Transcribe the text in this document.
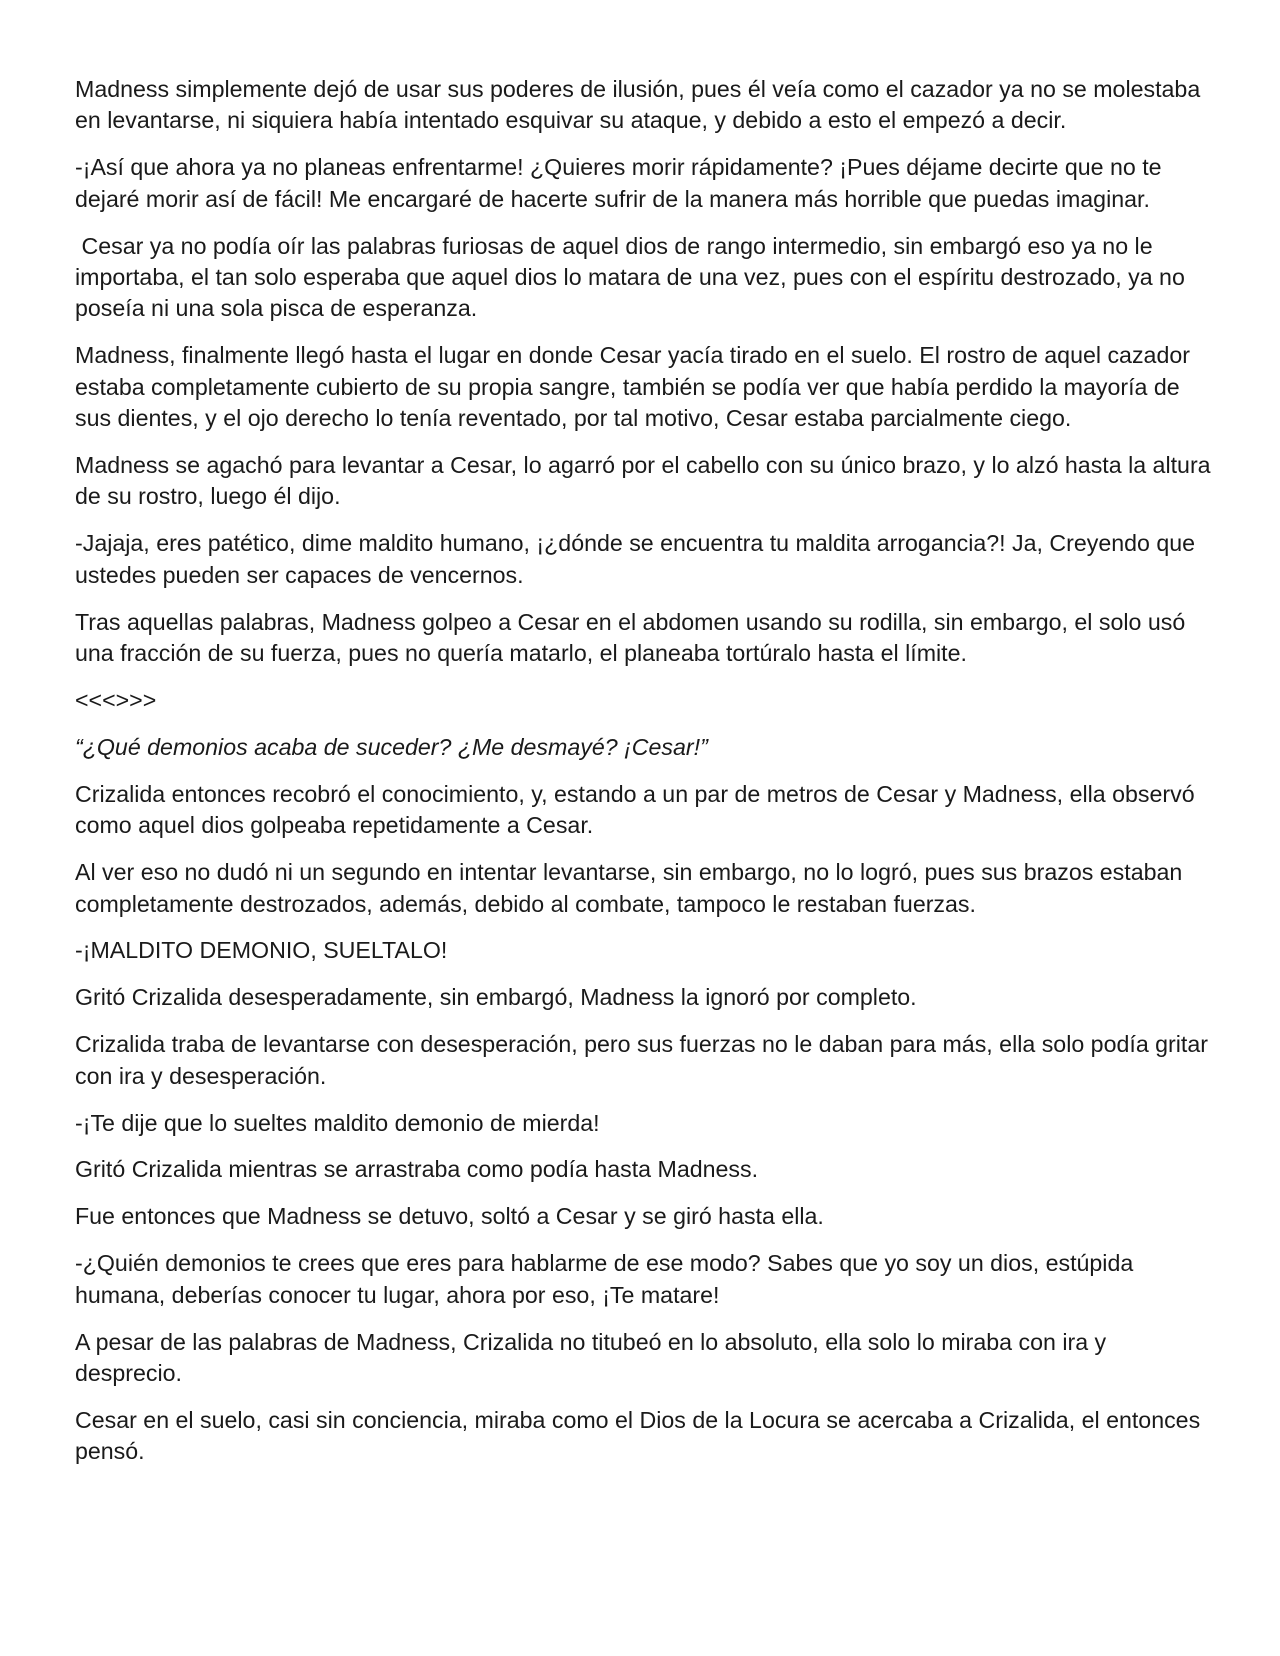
Madness simplemente dejó de usar sus poderes de ilusión, pues él veía como el cazador ya no se molestaba en levantarse, ni siquiera había intentado esquivar su ataque, y debido a esto el empezó a decir.

-¡Así que ahora ya no planeas enfrentarme! ¿Quieres morir rápidamente? ¡Pues déjame decirte que no te dejaré morir así de fácil! Me encargaré de hacerte sufrir de la manera más horrible que puedas imaginar.

Cesar ya no podía oír las palabras furiosas de aquel dios de rango intermedio, sin embargó eso ya no le importaba, el tan solo esperaba que aquel dios lo matara de una vez, pues con el espíritu destrozado, ya no poseía ni una sola pisca de esperanza.

Madness, finalmente llegó hasta el lugar en donde Cesar yacía tirado en el suelo. El rostro de aquel cazador estaba completamente cubierto de su propia sangre, también se podía ver que había perdido la mayoría de sus dientes, y el ojo derecho lo tenía reventado, por tal motivo, Cesar estaba parcialmente ciego.

Madness se agachó para levantar a Cesar, lo agarró por el cabello con su único brazo, y lo alzó hasta la altura de su rostro, luego él dijo.

-Jajaja, eres patético, dime maldito humano, ¡¿dónde se encuentra tu maldita arrogancia?! Ja, Creyendo que ustedes pueden ser capaces de vencernos.

Tras aquellas palabras, Madness golpeo a Cesar en el abdomen usando su rodilla, sin embargo, el solo usó una fracción de su fuerza, pues no quería matarlo, el planeaba tortúralo hasta el límite.

<<<>>>

“¿Qué demonios acaba de suceder? ¿Me desmayé? ¡Cesar!”

Crizalida entonces recobró el conocimiento, y, estando a un par de metros de Cesar y Madness, ella observó como aquel dios golpeaba repetidamente a Cesar.

Al ver eso no dudó ni un segundo en intentar levantarse, sin embargo, no lo logró, pues sus brazos estaban completamente destrozados, además, debido al combate, tampoco le restaban fuerzas.

-¡MALDITO DEMONIO, SUELTALO!

Gritó Crizalida desesperadamente, sin embargó, Madness la ignoró por completo.

Crizalida traba de levantarse con desesperación, pero sus fuerzas no le daban para más, ella solo podía gritar con ira y desesperación.

-¡Te dije que lo sueltes maldito demonio de mierda!

Gritó Crizalida mientras se arrastraba como podía hasta Madness.

Fue entonces que Madness se detuvo, soltó a Cesar y se giró hasta ella.

-¿Quién demonios te crees que eres para hablarme de ese modo? Sabes que yo soy un dios, estúpida humana, deberías conocer tu lugar, ahora por eso, ¡Te matare!

A pesar de las palabras de Madness, Crizalida no titubeó en lo absoluto, ella solo lo miraba con ira y desprecio.

Cesar en el suelo, casi sin conciencia, miraba como el Dios de la Locura se acercaba a Crizalida, el entonces pensó.
